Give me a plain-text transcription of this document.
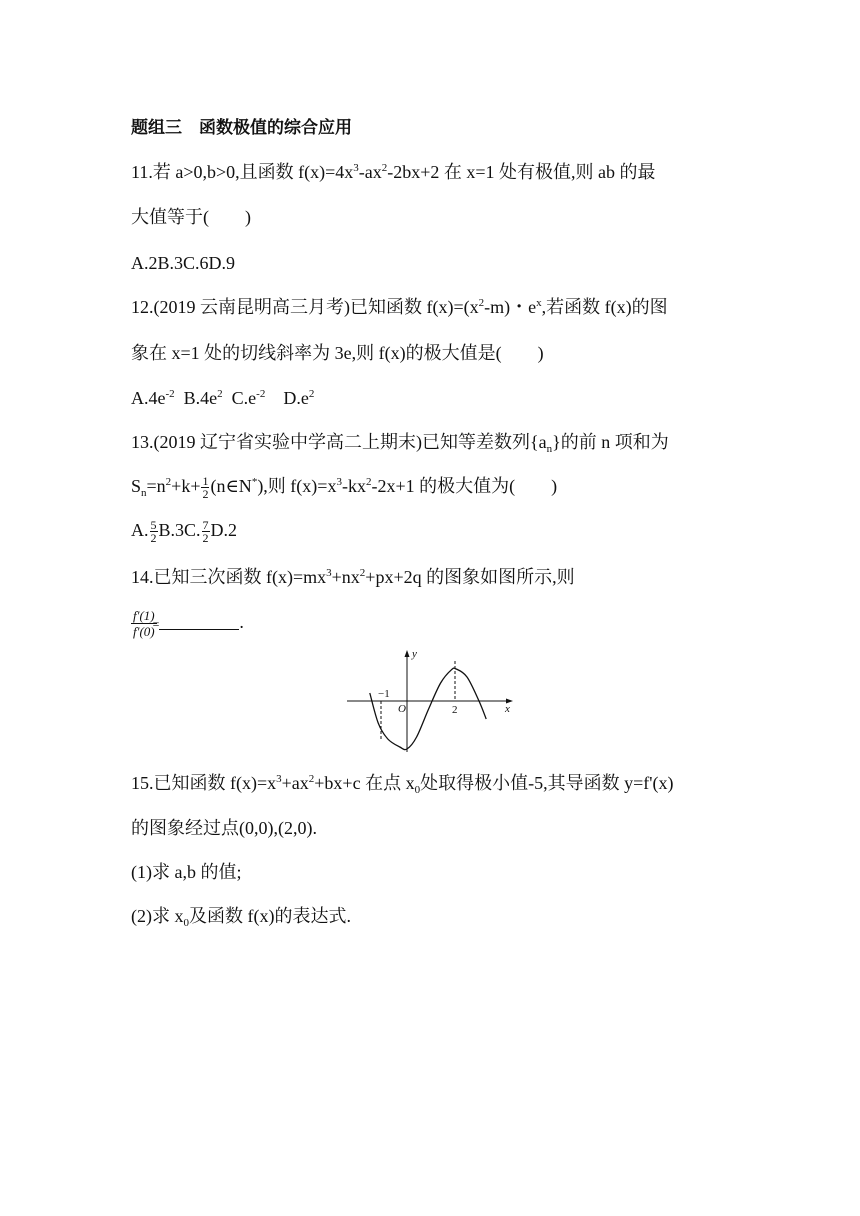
题组三　函数极值的综合应用
11.若 a>0,b>0,且函数 $f(x)=4x^3-ax^2-2bx+2$ 在 x=1 处有极值,则 ab 的最
大值等于(　　)
A.2B.3C.6D.9
12.(2019 云南昆明高三月考)已知函数 $f(x)=(x^2-m)$・$e^x$,若函数 f(x)的图
象在 x=1 处的切线斜率为 3e,则 f(x)的极大值是(　　)
$A.4e^{-2}$  $B.4e^2$  $C.e^{-2}$    $D.e^2$
13.(2019 辽宁省实验中学高二上期末)已知等差数列$\{a_n\}$的前 n 项和为
$S_n=n^2+k+ \frac{1}{2}$ (n∈N*),则 $f(x)=x^3-kx^2-2x+1$ 的极大值为(　　)
A. $\frac{5}{2} B.3C$. $\frac{7}{2} D.2$
14.已知三次函数 $f(x)=mx^3+nx^2+px+2q$ 的图象如图所示,则
$\frac{f'(1)}{f'(0)}$
=	.
y
x
O
−1
2
15.已知函数 $f(x)=x^3+ax^2+bx+c$ 在点 $x_0$处取得极小值-5,其导函数 y=f'(x)
的图象经过点(0,0),(2,0).
(1)求 a,b 的值;
(2)求 $x_0$及函数 f(x)的表达式.
